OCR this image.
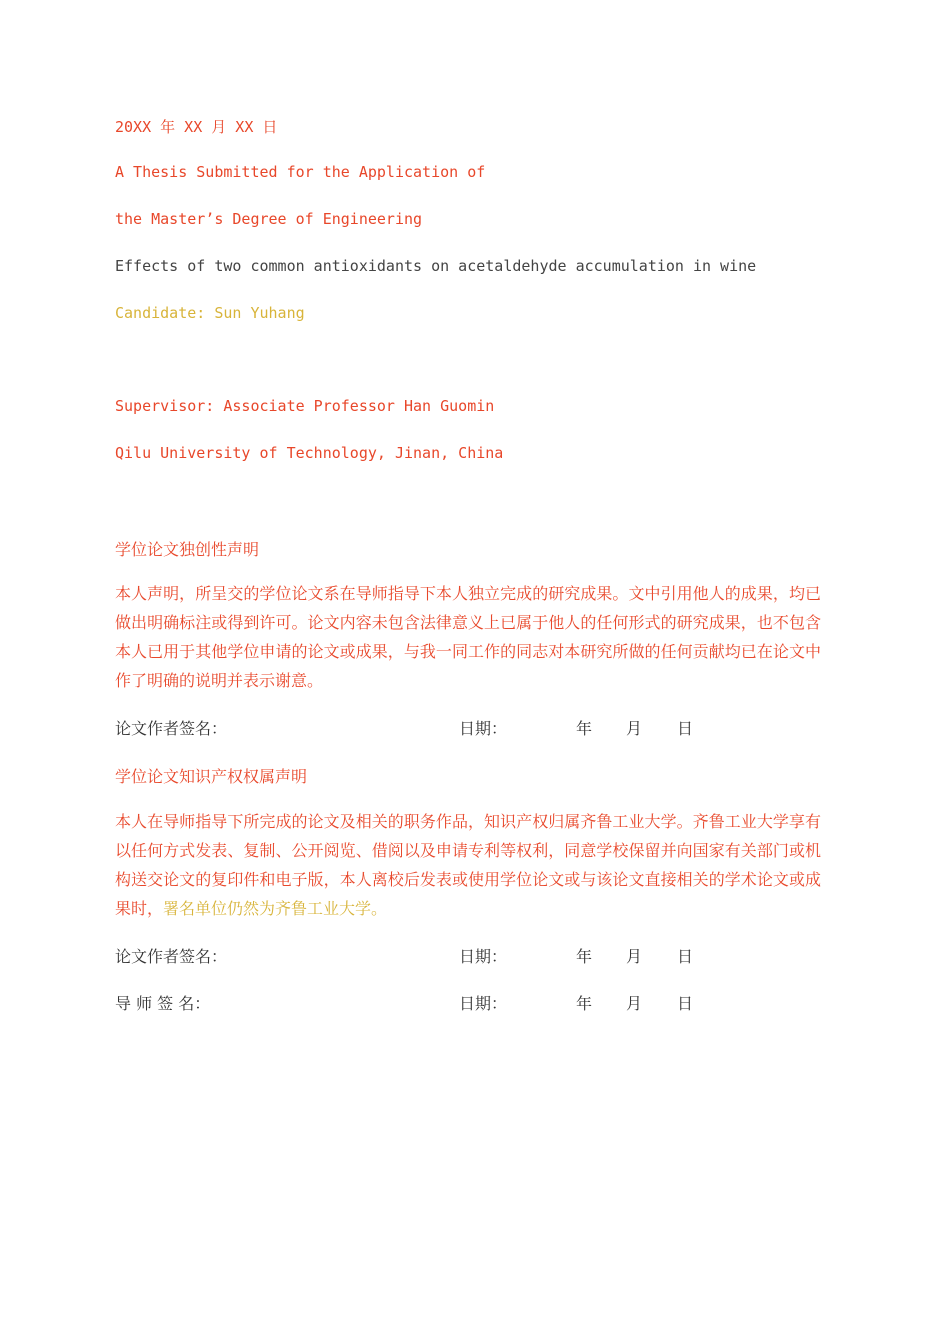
20XX 年 XX 月 XX 日
A Thesis Submitted for the Application of
the Master’s Degree of Engineering
Effects of two common antioxidants on acetaldehyde accumulation in wine
Candidate: Sun Yuhang
Supervisor: Associate Professor Han Guomin
Qilu University of Technology, Jinan, China
学位论文独创性声明
本人声明，所呈交的学位论文系在导师指导下本人独立完成的研究成果。文中引用他人的成果，均已做出明确标注或得到许可。论文内容未包含法律意义上已属于他人的任何形式的研究成果，也不包含本人已用于其他学位申请的论文或成果，与我一同工作的同志对本研究所做的任何贡献均已在论文中作了明确的说明并表示谢意。
论文作者签名：	日期：	年 月 日
学位论文知识产权权属声明
本人在导师指导下所完成的论文及相关的职务作品，知识产权归属齐鲁工业大学。齐鲁工业大学享有以任何方式发表、复制、公开阅览、借阅以及申请专利等权利，同意学校保留并向国家有关部门或机构送交论文的复印件和电子版，本人离校后发表或使用学位论文或与该论文直接相关的学术论文或成果时，署名单位仍然为齐鲁工业大学。
论文作者签名：	日期：	年 月 日
导 师 签 名：	日期：	年 月 日
